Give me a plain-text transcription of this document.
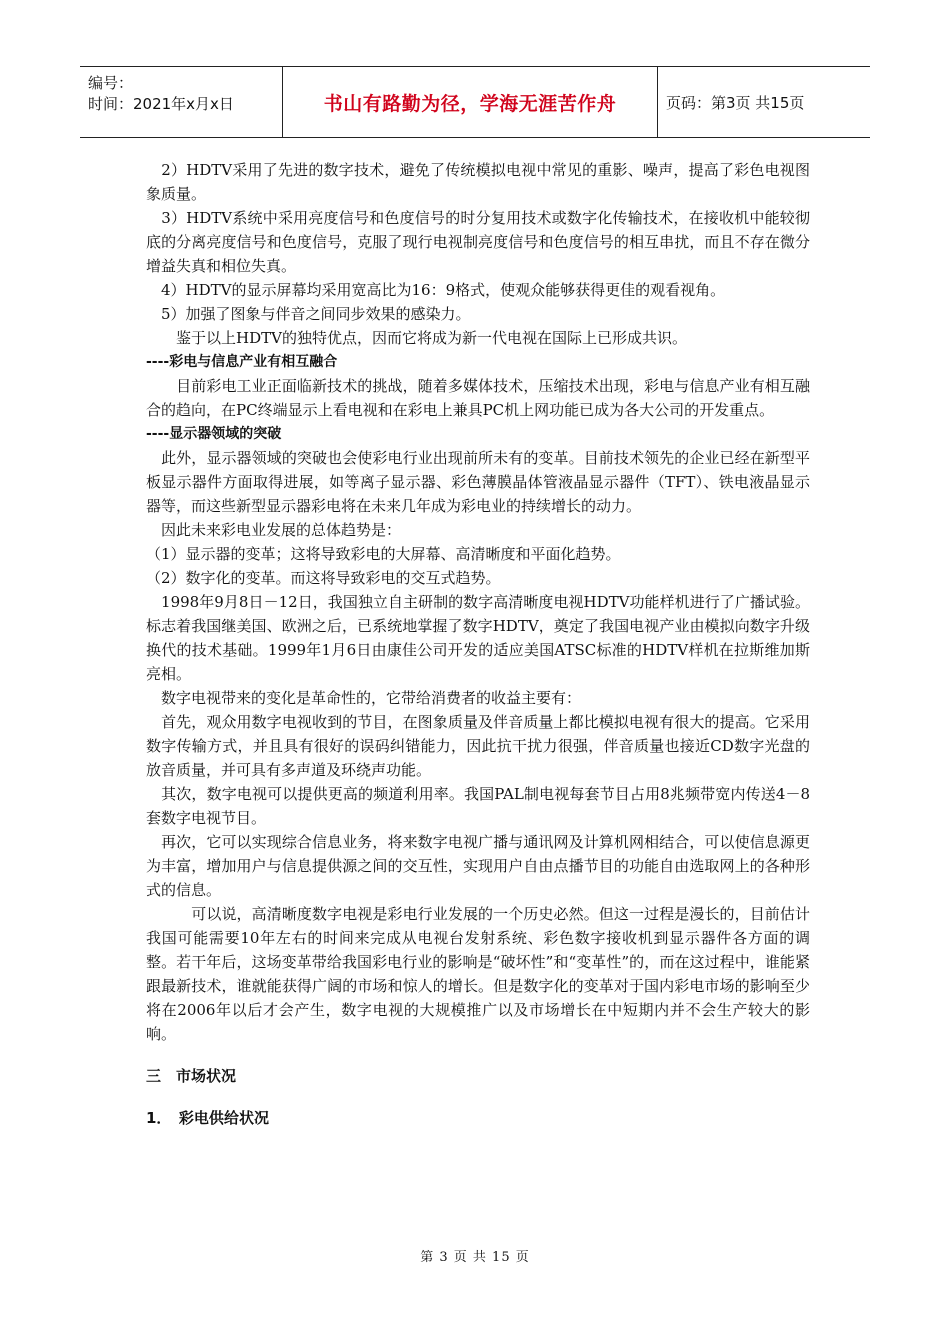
编号：
时间：2021年x月x日	书山有路勤为径，学海无涯苦作舟	页码：第3页 共15页

　2）HDTV采用了先进的数字技术，避免了传统模拟电视中常见的重影、噪声，提高了彩色电视图象质量。

　3）HDTV系统中采用亮度信号和色度信号的时分复用技术或数字化传输技术，在接收机中能较彻底的分离亮度信号和色度信号，克服了现行电视制亮度信号和色度信号的相互串扰，而且不存在微分增益失真和相位失真。

　4）HDTV的显示屏幕均采用宽高比为16：9格式，使观众能够获得更佳的观看视角。

　5）加强了图象与伴音之间同步效果的感染力。

　　鉴于以上HDTV的独特优点，因而它将成为新一代电视在国际上已形成共识。

----彩电与信息产业有相互融合

　　目前彩电工业正面临新技术的挑战，随着多媒体技术，压缩技术出现，彩电与信息产业有相互融合的趋向，在PC终端显示上看电视和在彩电上兼具PC机上网功能已成为各大公司的开发重点。

----显示器领域的突破

　此外，显示器领域的突破也会使彩电行业出现前所未有的变革。目前技术领先的企业已经在新型平板显示器件方面取得进展，如等离子显示器、彩色薄膜晶体管液晶显示器件（TFT）、铁电液晶显示器等，而这些新型显示器彩电将在未来几年成为彩电业的持续增长的动力。

　因此未来彩电业发展的总体趋势是：

（1）显示器的变革；这将导致彩电的大屏幕、高清晰度和平面化趋势。

（2）数字化的变革。而这将导致彩电的交互式趋势。

　1998年9月8日－12日，我国独立自主研制的数字高清晰度电视HDTV功能样机进行了广播试验。标志着我国继美国、欧洲之后，已系统地掌握了数字HDTV，奠定了我国电视产业由模拟向数字升级换代的技术基础。1999年1月6日由康佳公司开发的适应美国ATSC标准的HDTV样机在拉斯维加斯亮相。

　数字电视带来的变化是革命性的，它带给消费者的收益主要有：

　首先，观众用数字电视收到的节目，在图象质量及伴音质量上都比模拟电视有很大的提高。它采用数字传输方式，并且具有很好的误码纠错能力，因此抗干扰力很强，伴音质量也接近CD数字光盘的放音质量，并可具有多声道及环绕声功能。

　其次，数字电视可以提供更高的频道利用率。我国PAL制电视每套节目占用8兆频带宽内传送4－8套数字电视节目。

　再次，它可以实现综合信息业务，将来数字电视广播与通讯网及计算机网相结合，可以使信息源更为丰富，增加用户与信息提供源之间的交互性，实现用户自由点播节目的功能自由选取网上的各种形式的信息。

　　　可以说，高清晰度数字电视是彩电行业发展的一个历史必然。但这一过程是漫长的，目前估计我国可能需要10年左右的时间来完成从电视台发射系统、彩色数字接收机到显示器件各方面的调整。若干年后，这场变革带给我国彩电行业的影响是“破坏性”和“变革性”的，而在这过程中，谁能紧跟最新技术，谁就能获得广阔的市场和惊人的增长。但是数字化的变革对于国内彩电市场的影响至少将在2006年以后才会产生，数字电视的大规模推广以及市场增长在中短期内并不会生产较大的影响。

三　市场状况

1．　彩电供给状况

第 3 页 共 15 页
